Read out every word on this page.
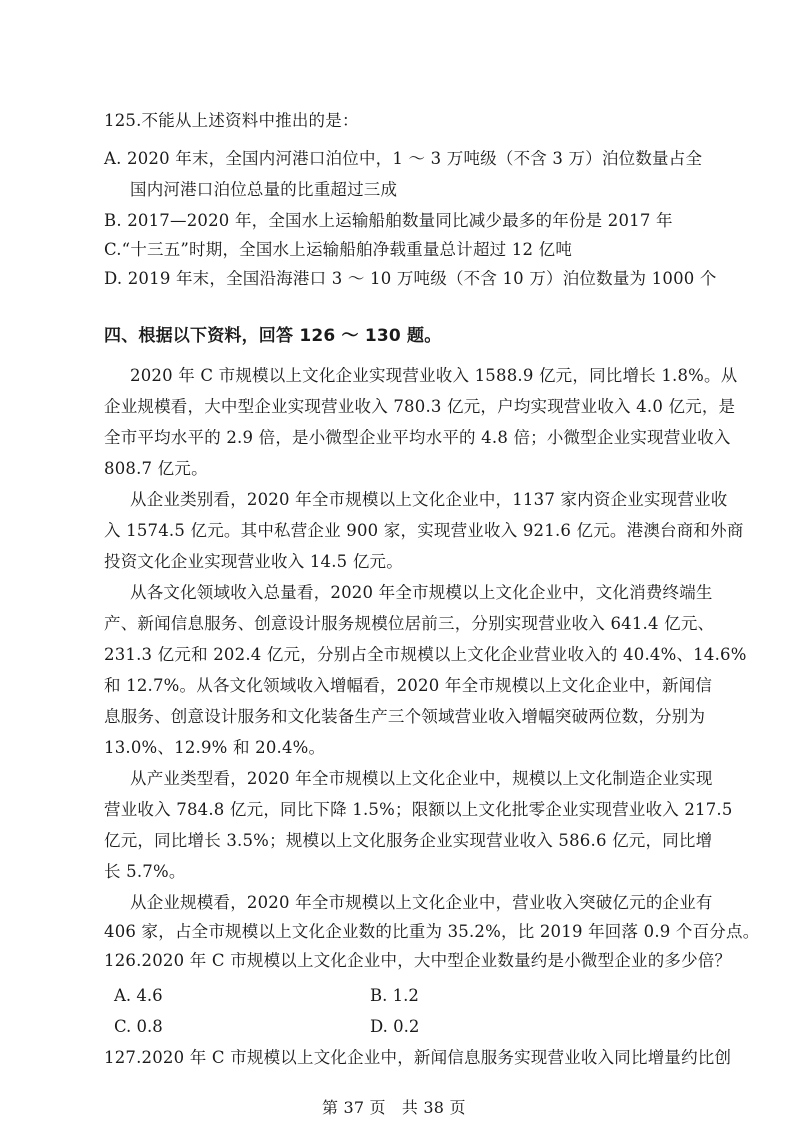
125.不能从上述资料中推出的是：
A. 2020 年末，全国内河港口泊位中，1 ～ 3 万吨级（不含 3 万）泊位数量占全
国内河港口泊位总量的比重超过三成
B. 2017—2020 年，全国水上运输船舶数量同比减少最多的年份是 2017 年
C.“十三五”时期，全国水上运输船舶净载重量总计超过 12 亿吨
D. 2019 年末，全国沿海港口 3 ～ 10 万吨级（不含 10 万）泊位数量为 1000 个
四、根据以下资料，回答 126 ～ 130 题。
2020 年 C 市规模以上文化企业实现营业收入 1588.9 亿元，同比增长 1.8%。从
企业规模看，大中型企业实现营业收入 780.3 亿元，户均实现营业收入 4.0 亿元，是
全市平均水平的 2.9 倍，是小微型企业平均水平的 4.8 倍；小微型企业实现营业收入
808.7 亿元。
从企业类别看，2020 年全市规模以上文化企业中，1137 家内资企业实现营业收
入 1574.5 亿元。其中私营企业 900 家，实现营业收入 921.6 亿元。港澳台商和外商
投资文化企业实现营业收入 14.5 亿元。
从各文化领域收入总量看，2020 年全市规模以上文化企业中，文化消费终端生
产、新闻信息服务、创意设计服务规模位居前三，分别实现营业收入 641.4 亿元、
231.3 亿元和 202.4 亿元，分别占全市规模以上文化企业营业收入的 40.4%、14.6%
和 12.7%。从各文化领域收入增幅看，2020 年全市规模以上文化企业中，新闻信
息服务、创意设计服务和文化装备生产三个领域营业收入增幅突破两位数，分别为
13.0%、12.9% 和 20.4%。
从产业类型看，2020 年全市规模以上文化企业中，规模以上文化制造企业实现
营业收入 784.8 亿元，同比下降 1.5%；限额以上文化批零企业实现营业收入 217.5
亿元，同比增长 3.5%；规模以上文化服务企业实现营业收入 586.6 亿元，同比增
长 5.7%。
从企业规模看，2020 年全市规模以上文化企业中，营业收入突破亿元的企业有
406 家，占全市规模以上文化企业数的比重为 35.2%，比 2019 年回落 0.9 个百分点。
126.2020 年 C 市规模以上文化企业中，大中型企业数量约是小微型企业的多少倍？
A. 4.6	B. 1.2
C. 0.8	D. 0.2
127.2020 年 C 市规模以上文化企业中，新闻信息服务实现营业收入同比增量约比创
第 37 页　共 38 页
